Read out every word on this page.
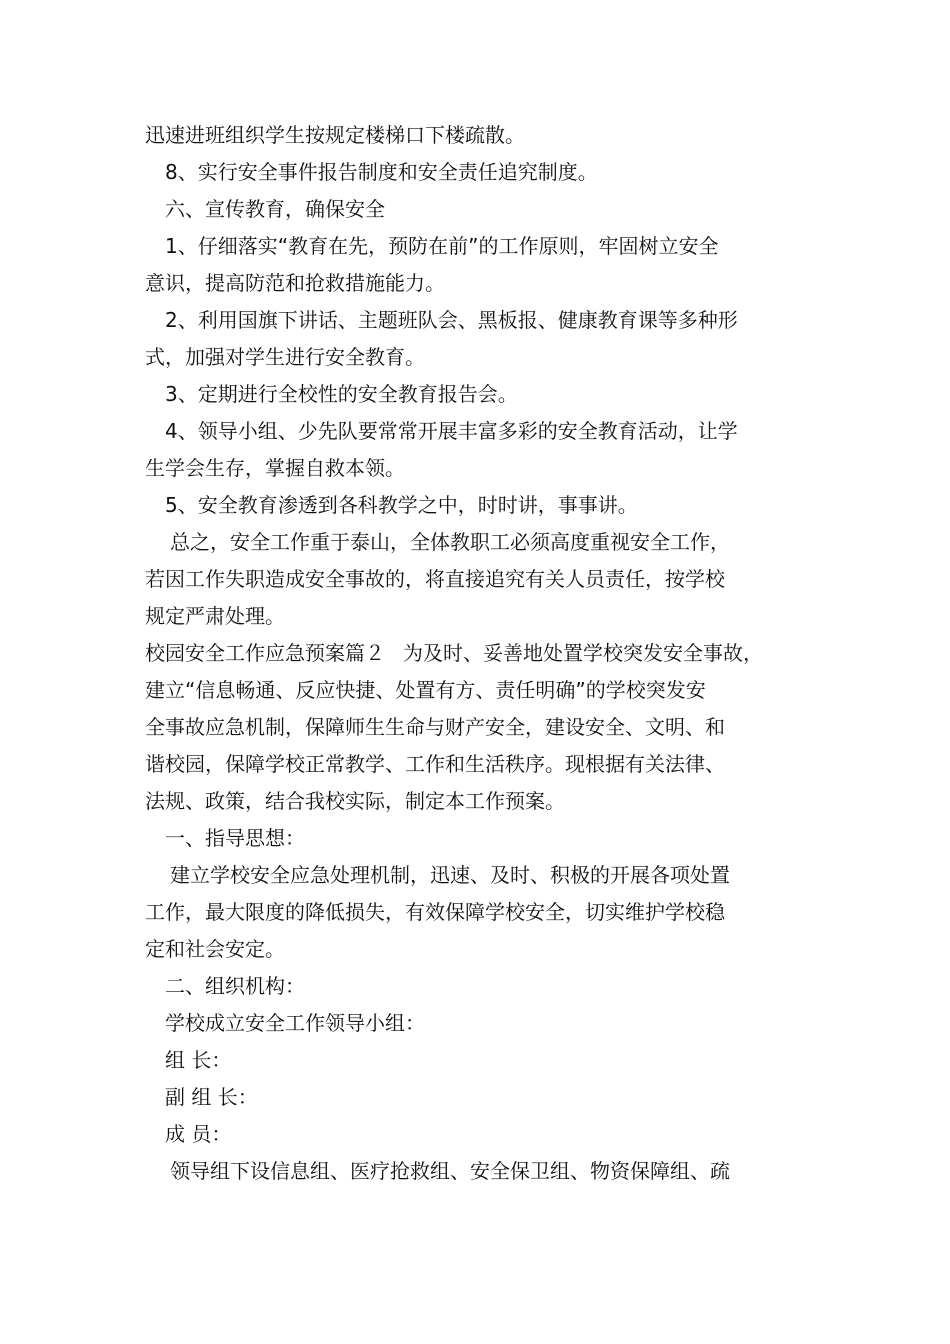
迅速进班组织学生按规定楼梯口下楼疏散。
8、实行安全事件报告制度和安全责任追究制度。
六、宣传教育，确保安全
1、仔细落实“教育在先，预防在前”的工作原则，牢固树立安全
意识，提高防范和抢救措施能力。
2、利用国旗下讲话、主题班队会、黑板报、健康教育课等多种形
式，加强对学生进行安全教育。
3、定期进行全校性的安全教育报告会。
4、领导小组、少先队要常常开展丰富多彩的安全教育活动，让学
生学会生存，掌握自救本领。
5、安全教育渗透到各科教学之中，时时讲，事事讲。
总之，安全工作重于泰山，全体教职工必须高度重视安全工作，
若因工作失职造成安全事故的，将直接追究有关人员责任，按学校
规定严肃处理。
校园安全工作应急预案篇２ 为及时、妥善地处置学校突发安全事故，
建立“信息畅通、反应快捷、处置有方、责任明确”的学校突发安
全事故应急机制，保障师生生命与财产安全，建设安全、文明、和
谐校园，保障学校正常教学、工作和生活秩序。现根据有关法律、
法规、政策，结合我校实际，制定本工作预案。
一、指导思想：
建立学校安全应急处理机制，迅速、及时、积极的开展各项处置
工作，最大限度的降低损失，有效保障学校安全，切实维护学校稳
定和社会安定。
二、组织机构：
学校成立安全工作领导小组：
组 长：
副 组 长：
成 员：
领导组下设信息组、医疗抢救组、安全保卫组、物资保障组、疏
